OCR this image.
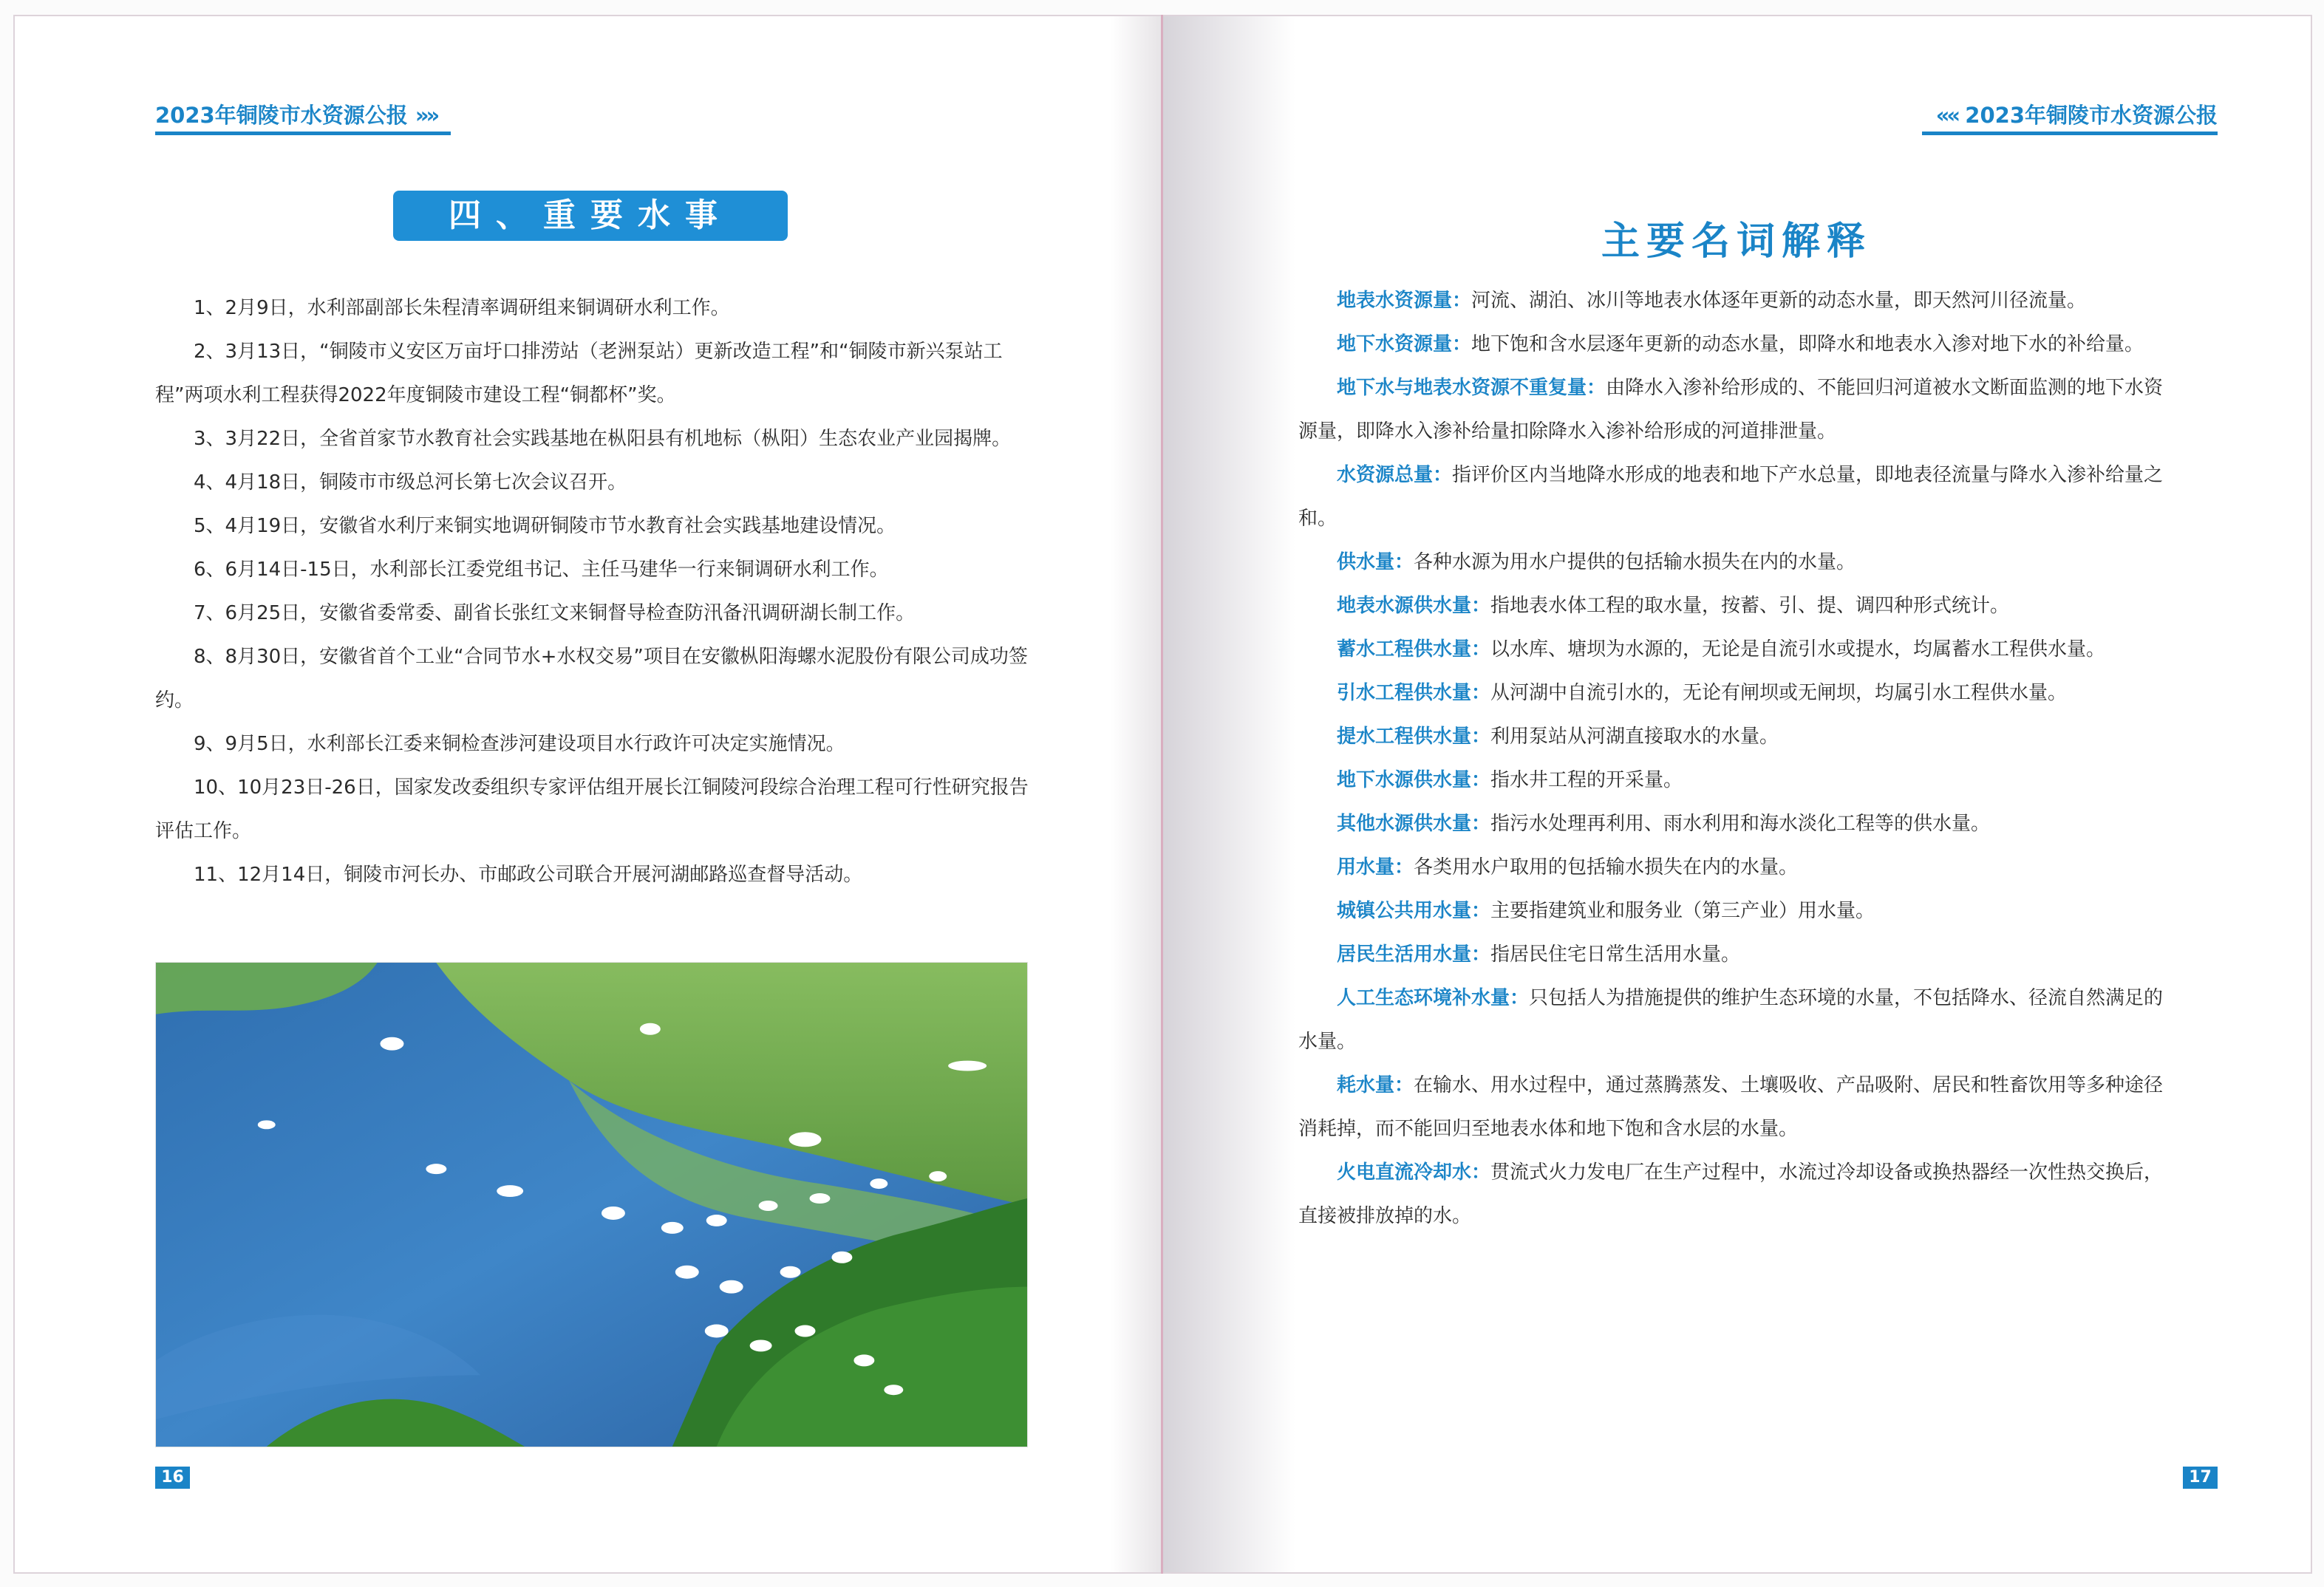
2023年铜陵市水资源公报 »»
四、重要水事
1、2月9日，水利部副部长朱程清率调研组来铜调研水利工作。
2、3月13日，“铜陵市义安区万亩圩口排涝站（老洲泵站）更新改造工程”和“铜陵市新兴泵站工程”两项水利工程获得2022年度铜陵市建设工程“铜都杯”奖。
3、3月22日，全省首家节水教育社会实践基地在枞阳县有机地标（枞阳）生态农业产业园揭牌。
4、4月18日，铜陵市市级总河长第七次会议召开。
5、4月19日，安徽省水利厅来铜实地调研铜陵市节水教育社会实践基地建设情况。
6、6月14日-15日，水利部长江委党组书记、主任马建华一行来铜调研水利工作。
7、6月25日，安徽省委常委、副省长张红文来铜督导检查防汛备汛调研湖长制工作。
8、8月30日，安徽省首个工业“合同节水+水权交易”项目在安徽枞阳海螺水泥股份有限公司成功签约。
9、9月5日，水利部长江委来铜检查涉河建设项目水行政许可决定实施情况。
10、10月23日-26日，国家发改委组织专家评估组开展长江铜陵河段综合治理工程可行性研究报告评估工作。
11、12月14日，铜陵市河长办、市邮政公司联合开展河湖邮路巡查督导活动。
16
«« 2023年铜陵市水资源公报
主要名词解释
地表水资源量：河流、湖泊、冰川等地表水体逐年更新的动态水量，即天然河川径流量。
地下水资源量：地下饱和含水层逐年更新的动态水量，即降水和地表水入渗对地下水的补给量。
地下水与地表水资源不重复量：由降水入渗补给形成的、不能回归河道被水文断面监测的地下水资源量，即降水入渗补给量扣除降水入渗补给形成的河道排泄量。
水资源总量：指评价区内当地降水形成的地表和地下产水总量，即地表径流量与降水入渗补给量之和。
供水量：各种水源为用水户提供的包括输水损失在内的水量。
地表水源供水量：指地表水体工程的取水量，按蓄、引、提、调四种形式统计。
蓄水工程供水量：以水库、塘坝为水源的，无论是自流引水或提水，均属蓄水工程供水量。
引水工程供水量：从河湖中自流引水的，无论有闸坝或无闸坝，均属引水工程供水量。
提水工程供水量：利用泵站从河湖直接取水的水量。
地下水源供水量：指水井工程的开采量。
其他水源供水量：指污水处理再利用、雨水利用和海水淡化工程等的供水量。
用水量：各类用水户取用的包括输水损失在内的水量。
城镇公共用水量：主要指建筑业和服务业（第三产业）用水量。
居民生活用水量：指居民住宅日常生活用水量。
人工生态环境补水量：只包括人为措施提供的维护生态环境的水量，不包括降水、径流自然满足的水量。
耗水量：在输水、用水过程中，通过蒸腾蒸发、土壤吸收、产品吸附、居民和牲畜饮用等多种途径消耗掉，而不能回归至地表水体和地下饱和含水层的水量。
火电直流冷却水：贯流式火力发电厂在生产过程中，水流过冷却设备或换热器经一次性热交换后，直接被排放掉的水。
17
